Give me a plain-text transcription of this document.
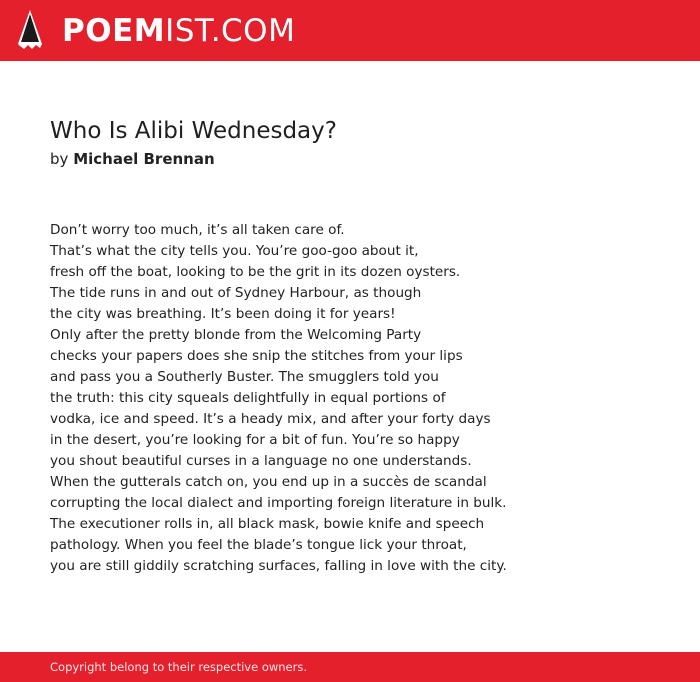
POEMIST.COM
Who Is Alibi Wednesday?
by Michael Brennan
Don’t worry too much, it’s all taken care of.
That’s what the city tells you. You’re goo-goo about it,
fresh off the boat, looking to be the grit in its dozen oysters.
The tide runs in and out of Sydney Harbour, as though
the city was breathing. It’s been doing it for years!
Only after the pretty blonde from the Welcoming Party
checks your papers does she snip the stitches from your lips
and pass you a Southerly Buster. The smugglers told you
the truth: this city squeals delightfully in equal portions of
vodka, ice and speed. It’s a heady mix, and after your forty days
in the desert, you’re looking for a bit of fun. You’re so happy
you shout beautiful curses in a language no one understands.
When the gutterals catch on, you end up in a succès de scandal
corrupting the local dialect and importing foreign literature in bulk.
The executioner rolls in, all black mask, bowie knife and speech
pathology. When you feel the blade’s tongue lick your throat,
you are still giddily scratching surfaces, falling in love with the city.
Copyright belong to their respective owners.
